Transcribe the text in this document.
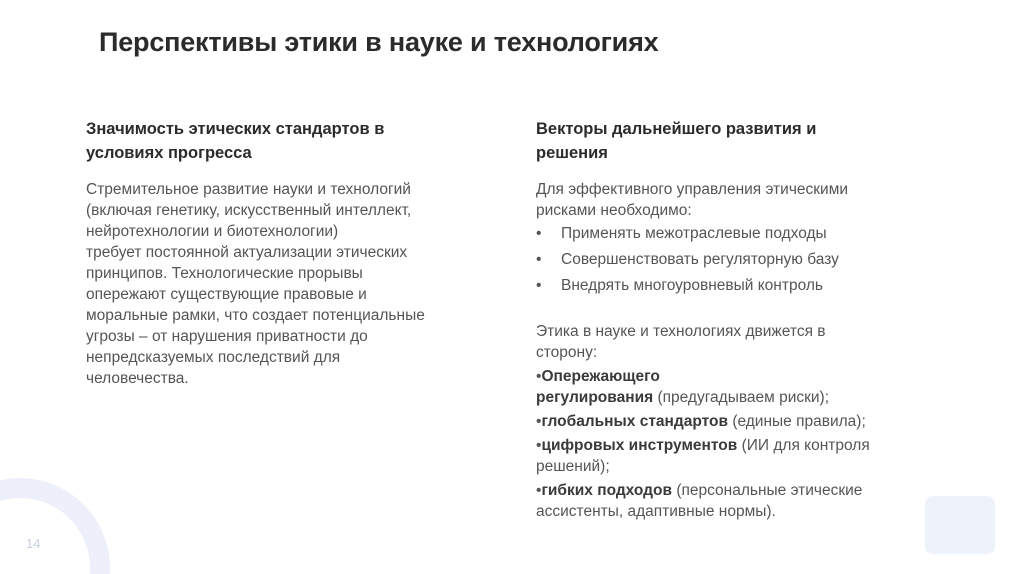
Перспективы этики в науке и технологиях
Значимость этических стандартов в
условиях прогресса

Стремительное развитие науки и технологий
(включая генетику, искусственный интеллект,
нейротехнологии и биотехнологии)
требует постоянной актуализации этических
принципов. Технологические прорывы
опережают существующие правовые и
моральные рамки, что создает потенциальные
угрозы – от нарушения приватности до
непредсказуемых последствий для
человечества.

Векторы дальнейшего развития и
решения

Для эффективного управления этическими
рисками необходимо:

•	Применять межотраслевые подходы
•	Совершенствовать регуляторную базу
•	Внедрять многоуровневый контроль
Этика в науке и технологиях движется в
сторону:
•Опережающего
регулирования (предугадываем риски);
•глобальных стандартов (единые правила);
•цифровых инструментов (ИИ для контроля
решений);
•гибких подходов (персональные этические
ассистенты, адаптивные нормы).
14
